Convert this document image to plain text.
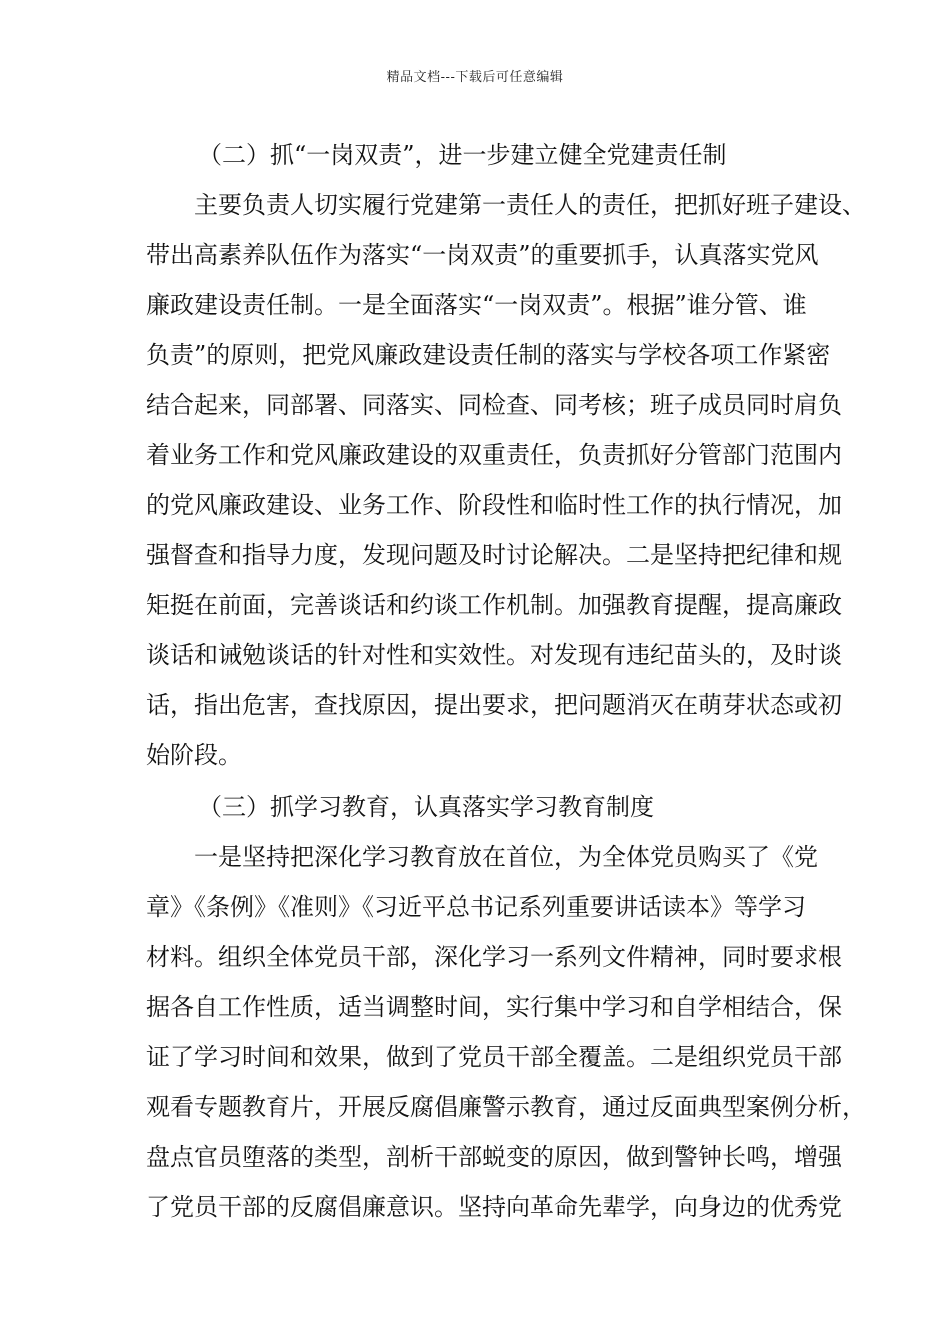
精品文档---下载后可任意编辑

（二）抓“一岗双责”，进一步建立健全党建责任制

主要负责人切实履行党建第一责任人的责任，把抓好班子建设、
带出高素养队伍作为落实“一岗双责”的重要抓手，认真落实党风
廉政建设责任制。一是全面落实“一岗双责”。根据”谁分管、谁
负责”的原则，把党风廉政建设责任制的落实与学校各项工作紧密
结合起来，同部署、同落实、同检查、同考核；班子成员同时肩负
着业务工作和党风廉政建设的双重责任，负责抓好分管部门范围内
的党风廉政建设、业务工作、阶段性和临时性工作的执行情况，加
强督查和指导力度，发现问题及时讨论解决。二是坚持把纪律和规
矩挺在前面，完善谈话和约谈工作机制。加强教育提醒，提高廉政
谈话和诫勉谈话的针对性和实效性。对发现有违纪苗头的，及时谈
话，指出危害，查找原因，提出要求，把问题消灭在萌芽状态或初
始阶段。

（三）抓学习教育，认真落实学习教育制度

一是坚持把深化学习教育放在首位，为全体党员购买了《党
章》《条例》《准则》《习近平总书记系列重要讲话读本》等学习
材料。组织全体党员干部，深化学习一系列文件精神，同时要求根
据各自工作性质，适当调整时间，实行集中学习和自学相结合，保
证了学习时间和效果，做到了党员干部全覆盖。二是组织党员干部
观看专题教育片，开展反腐倡廉警示教育，通过反面典型案例分析，
盘点官员堕落的类型，剖析干部蜕变的原因，做到警钟长鸣，增强
了党员干部的反腐倡廉意识。坚持向革命先辈学，向身边的优秀党
